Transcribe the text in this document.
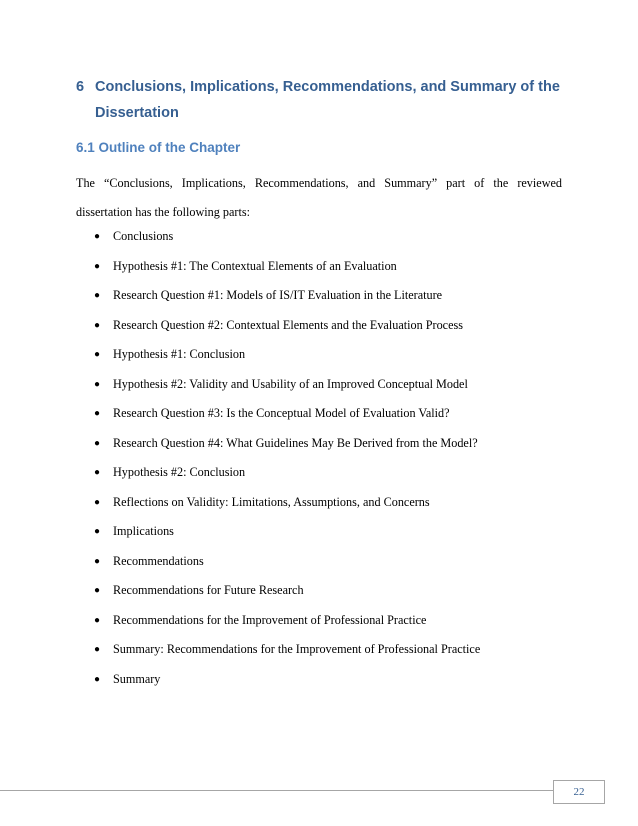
6 Conclusions, Implications, Recommendations, and Summary of the Dissertation
6.1 Outline of the Chapter
The “Conclusions, Implications, Recommendations, and Summary” part of the reviewed dissertation has the following parts:
● Conclusions
● Hypothesis #1: The Contextual Elements of an Evaluation
● Research Question #1: Models of IS/IT Evaluation in the Literature
● Research Question #2: Contextual Elements and the Evaluation Process
● Hypothesis #1: Conclusion
● Hypothesis #2: Validity and Usability of an Improved Conceptual Model
● Research Question #3: Is the Conceptual Model of Evaluation Valid?
● Research Question #4: What Guidelines May Be Derived from the Model?
● Hypothesis #2: Conclusion
● Reflections on Validity: Limitations, Assumptions, and Concerns
● Implications
● Recommendations
● Recommendations for Future Research
● Recommendations for the Improvement of Professional Practice
● Summary: Recommendations for the Improvement of Professional Practice
● Summary
22
